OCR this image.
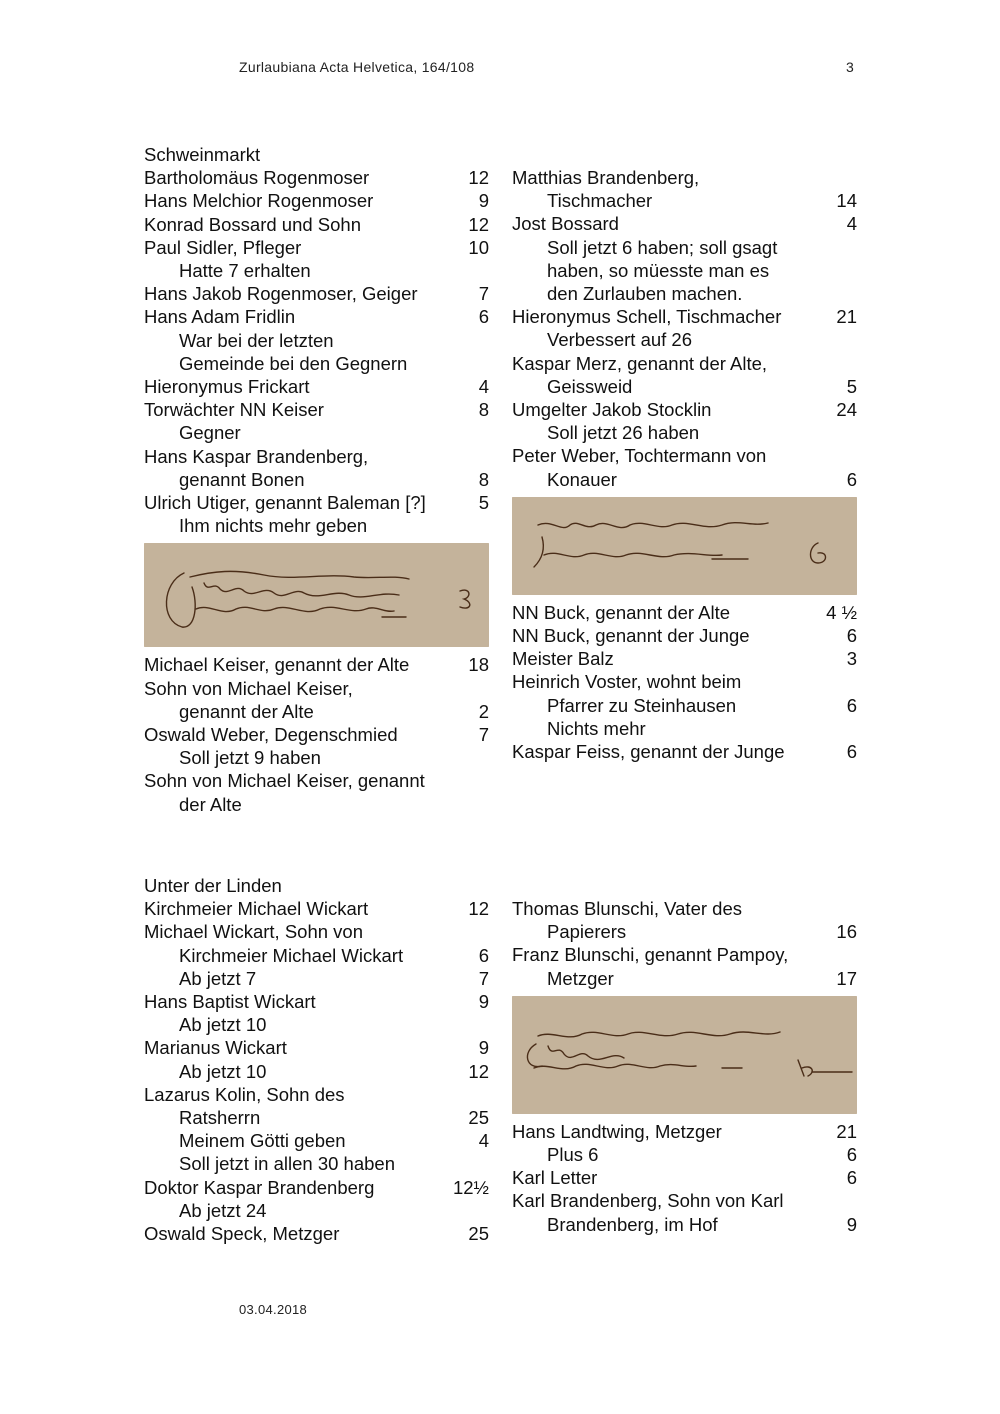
Zurlaubiana Acta Helvetica, 164/108	3
Schweinmarkt
Bartholomäus Rogenmoser	12
Hans Melchior Rogenmoser	9
Konrad Bossard und Sohn	12
Paul Sidler, Pfleger	10
Hatte 7 erhalten
Hans Jakob Rogenmoser, Geiger	7
Hans Adam Fridlin	6
War bei der letzten
Gemeinde bei den Gegnern
Hieronymus Frickart	4
Torwächter NN Keiser	8
Gegner
Hans Kaspar Brandenberg,
genannt Bonen	8
Ulrich Utiger, genannt Baleman [?]	5
Ihm nichts mehr geben
Michael Keiser, genannt der Alte	18
Sohn von Michael Keiser,
genannt der Alte	2
Oswald Weber, Degenschmied	7
Soll jetzt 9 haben
Sohn von Michael Keiser, genannt
der Alte
Matthias Brandenberg,
Tischmacher	14
Jost Bossard	4
Soll jetzt 6 haben; soll gsagt
haben, so müesste man es
den Zurlauben machen.
Hieronymus Schell, Tischmacher	21
Verbessert auf 26
Kaspar Merz, genannt der Alte,
Geissweid	5
Umgelter Jakob Stocklin	24
Soll jetzt 26 haben
Peter Weber, Tochtermann von
Konauer	6
NN Buck, genannt der Alte	4 ½
NN Buck, genannt der Junge	6
Meister Balz	3
Heinrich Voster, wohnt beim
Pfarrer zu Steinhausen	6
Nichts mehr
Kaspar Feiss, genannt der Junge	6
Unter der Linden
Kirchmeier Michael Wickart	12
Michael Wickart, Sohn von
Kirchmeier Michael Wickart	6
Ab jetzt 7	7
Hans Baptist Wickart	9
Ab jetzt 10
Marianus Wickart	9
Ab jetzt 10	12
Lazarus Kolin, Sohn des
Ratsherrn	25
Meinem Götti geben	4
Soll jetzt in allen 30 haben
Doktor Kaspar Brandenberg	12½
Ab jetzt 24
Oswald Speck, Metzger	25
Thomas Blunschi, Vater des
Papierers	16
Franz Blunschi, genannt Pampoy,
Metzger	17
Hans Landtwing, Metzger	21
Plus 6	6
Karl Letter	6
Karl Brandenberg, Sohn von Karl
Brandenberg, im Hof	9
03.04.2018
